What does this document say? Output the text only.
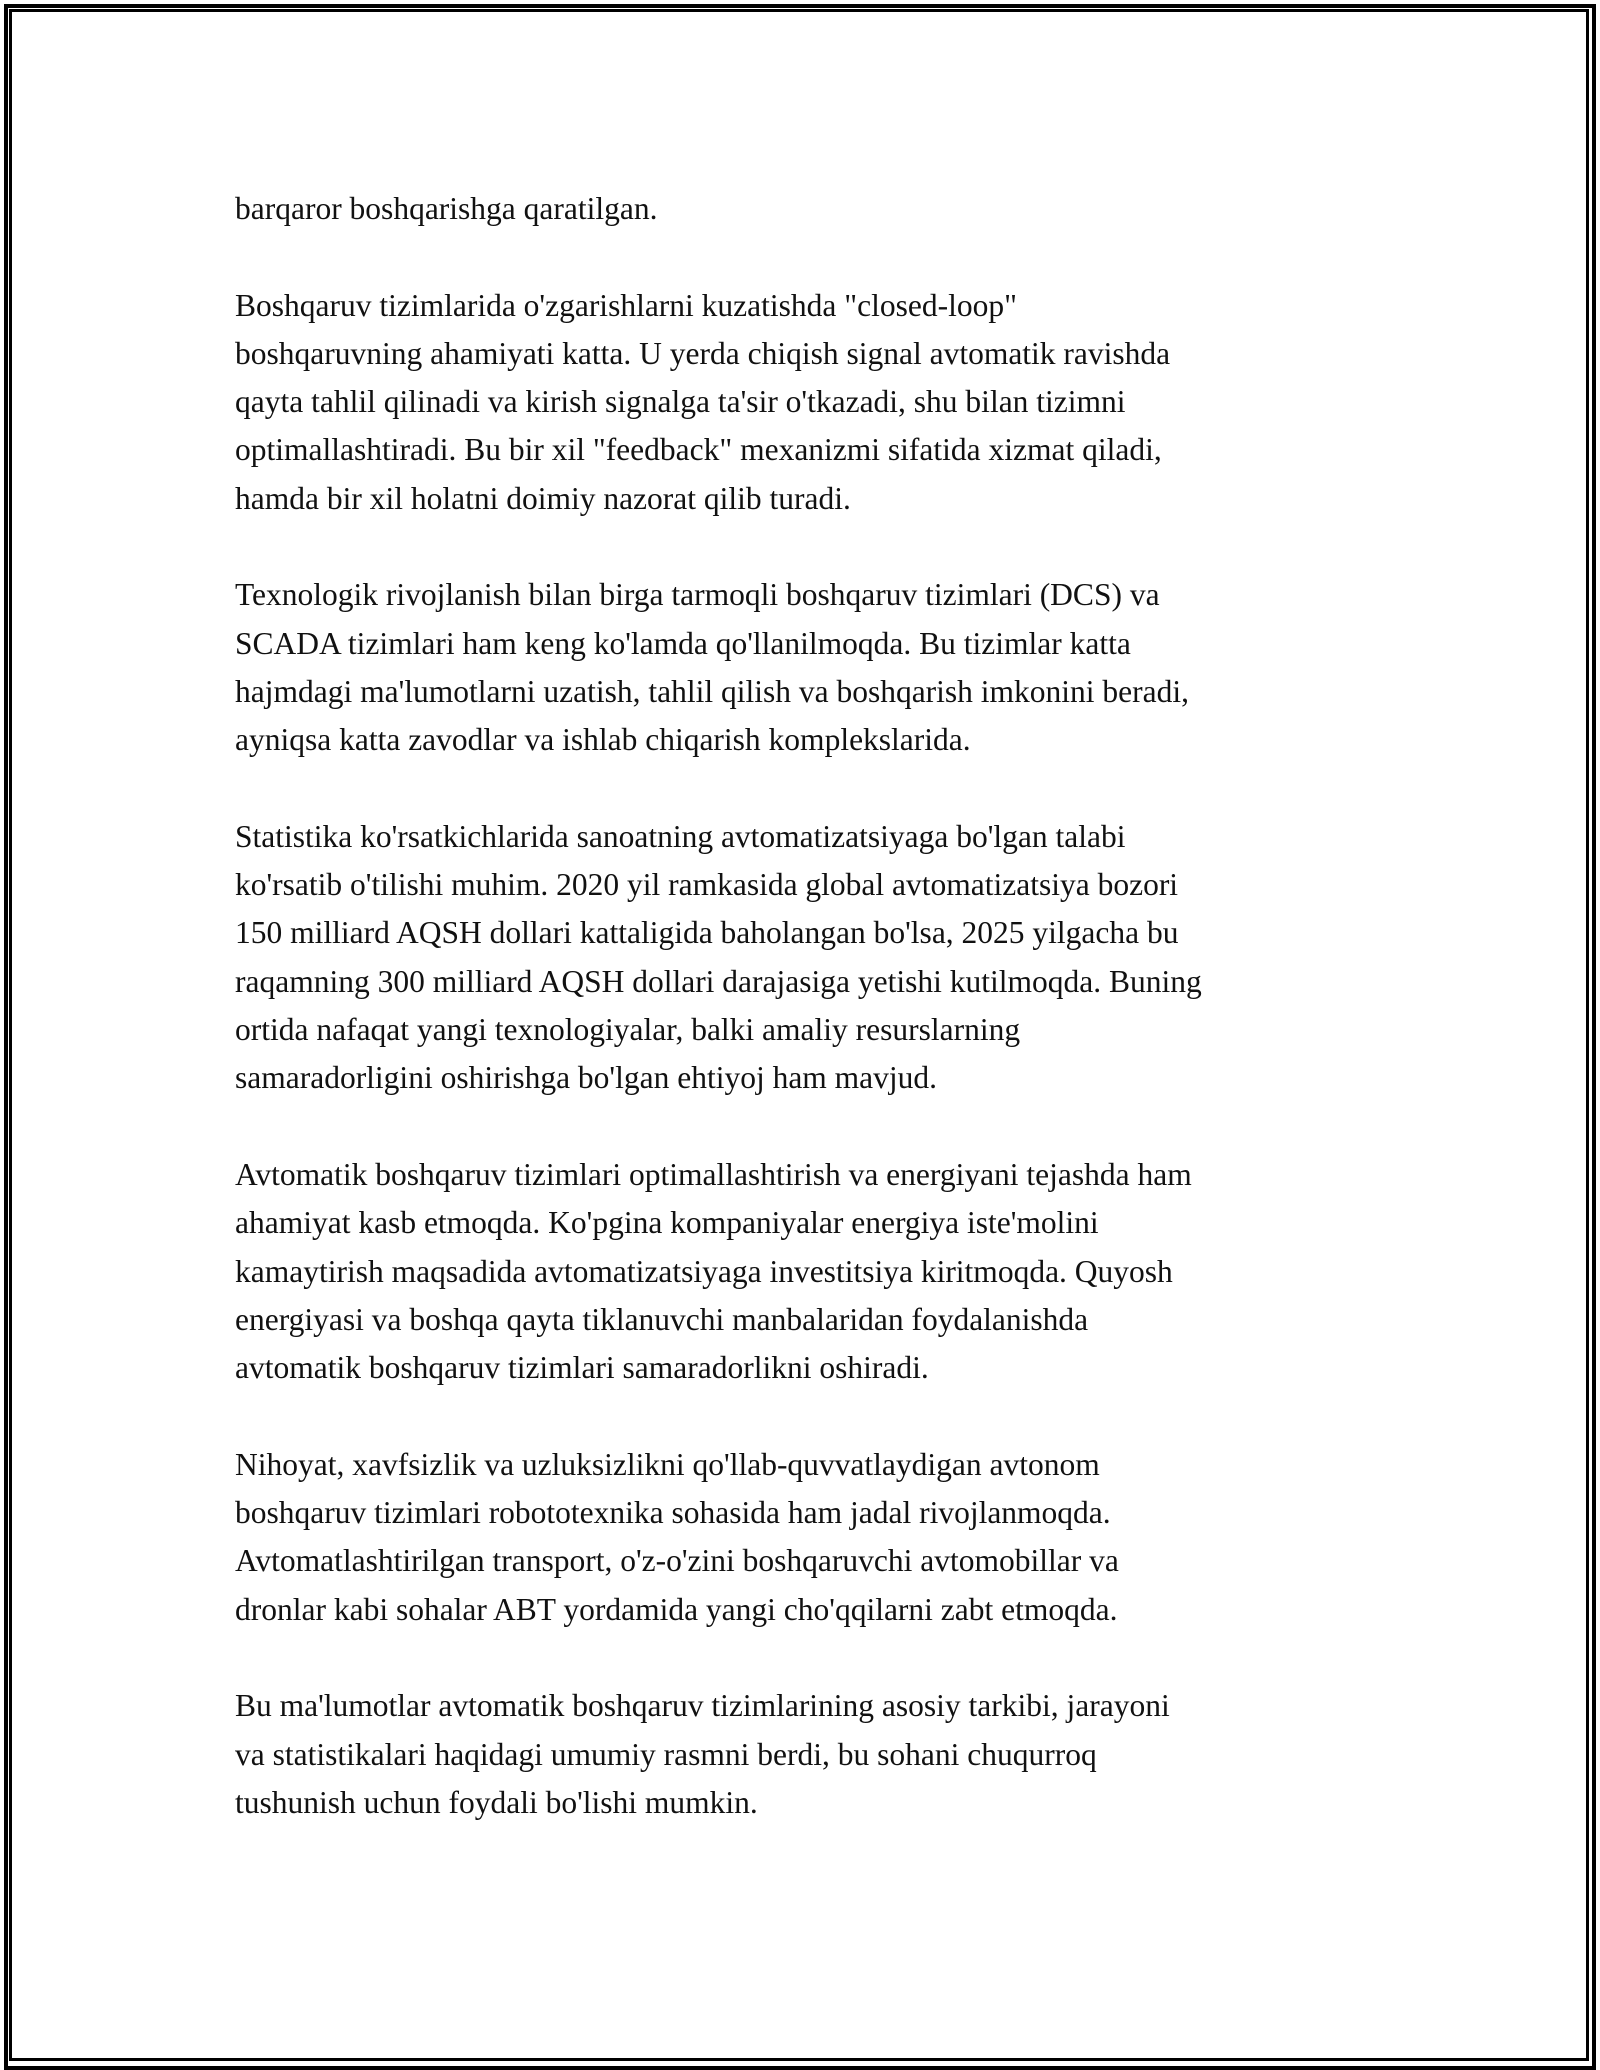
barqaror boshqarishga qaratilgan.

Boshqaruv tizimlarida o'zgarishlarni kuzatishda "closed-loop"
boshqaruvning ahamiyati katta. U yerda chiqish signal avtomatik ravishda
qayta tahlil qilinadi va kirish signalga ta'sir o'tkazadi, shu bilan tizimni
optimallashtiradi. Bu bir xil "feedback" mexanizmi sifatida xizmat qiladi,
hamda bir xil holatni doimiy nazorat qilib turadi.

Texnologik rivojlanish bilan birga tarmoqli boshqaruv tizimlari (DCS) va
SCADA tizimlari ham keng ko'lamda qo'llanilmoqda. Bu tizimlar katta
hajmdagi ma'lumotlarni uzatish, tahlil qilish va boshqarish imkonini beradi,
ayniqsa katta zavodlar va ishlab chiqarish komplekslarida.

Statistika ko'rsatkichlarida sanoatning avtomatizatsiyaga bo'lgan talabi
ko'rsatib o'tilishi muhim. 2020 yil ramkasida global avtomatizatsiya bozori
150 milliard AQSH dollari kattaligida baholangan bo'lsa, 2025 yilgacha bu
raqamning 300 milliard AQSH dollari darajasiga yetishi kutilmoqda. Buning
ortida nafaqat yangi texnologiyalar, balki amaliy resurslarning
samaradorligini oshirishga bo'lgan ehtiyoj ham mavjud.

Avtomatik boshqaruv tizimlari optimallashtirish va energiyani tejashda ham
ahamiyat kasb etmoqda. Ko'pgina kompaniyalar energiya iste'molini
kamaytirish maqsadida avtomatizatsiyaga investitsiya kiritmoqda. Quyosh
energiyasi va boshqa qayta tiklanuvchi manbalaridan foydalanishda
avtomatik boshqaruv tizimlari samaradorlikni oshiradi.

Nihoyat, xavfsizlik va uzluksizlikni qo'llab-quvvatlaydigan avtonom
boshqaruv tizimlari robototexnika sohasida ham jadal rivojlanmoqda.
Avtomatlashtirilgan transport, o'z-o'zini boshqaruvchi avtomobillar va
dronlar kabi sohalar ABT yordamida yangi cho'qqilarni zabt etmoqda.

Bu ma'lumotlar avtomatik boshqaruv tizimlarining asosiy tarkibi, jarayoni
va statistikalari haqidagi umumiy rasmni berdi, bu sohani chuqurroq
tushunish uchun foydali bo'lishi mumkin.
